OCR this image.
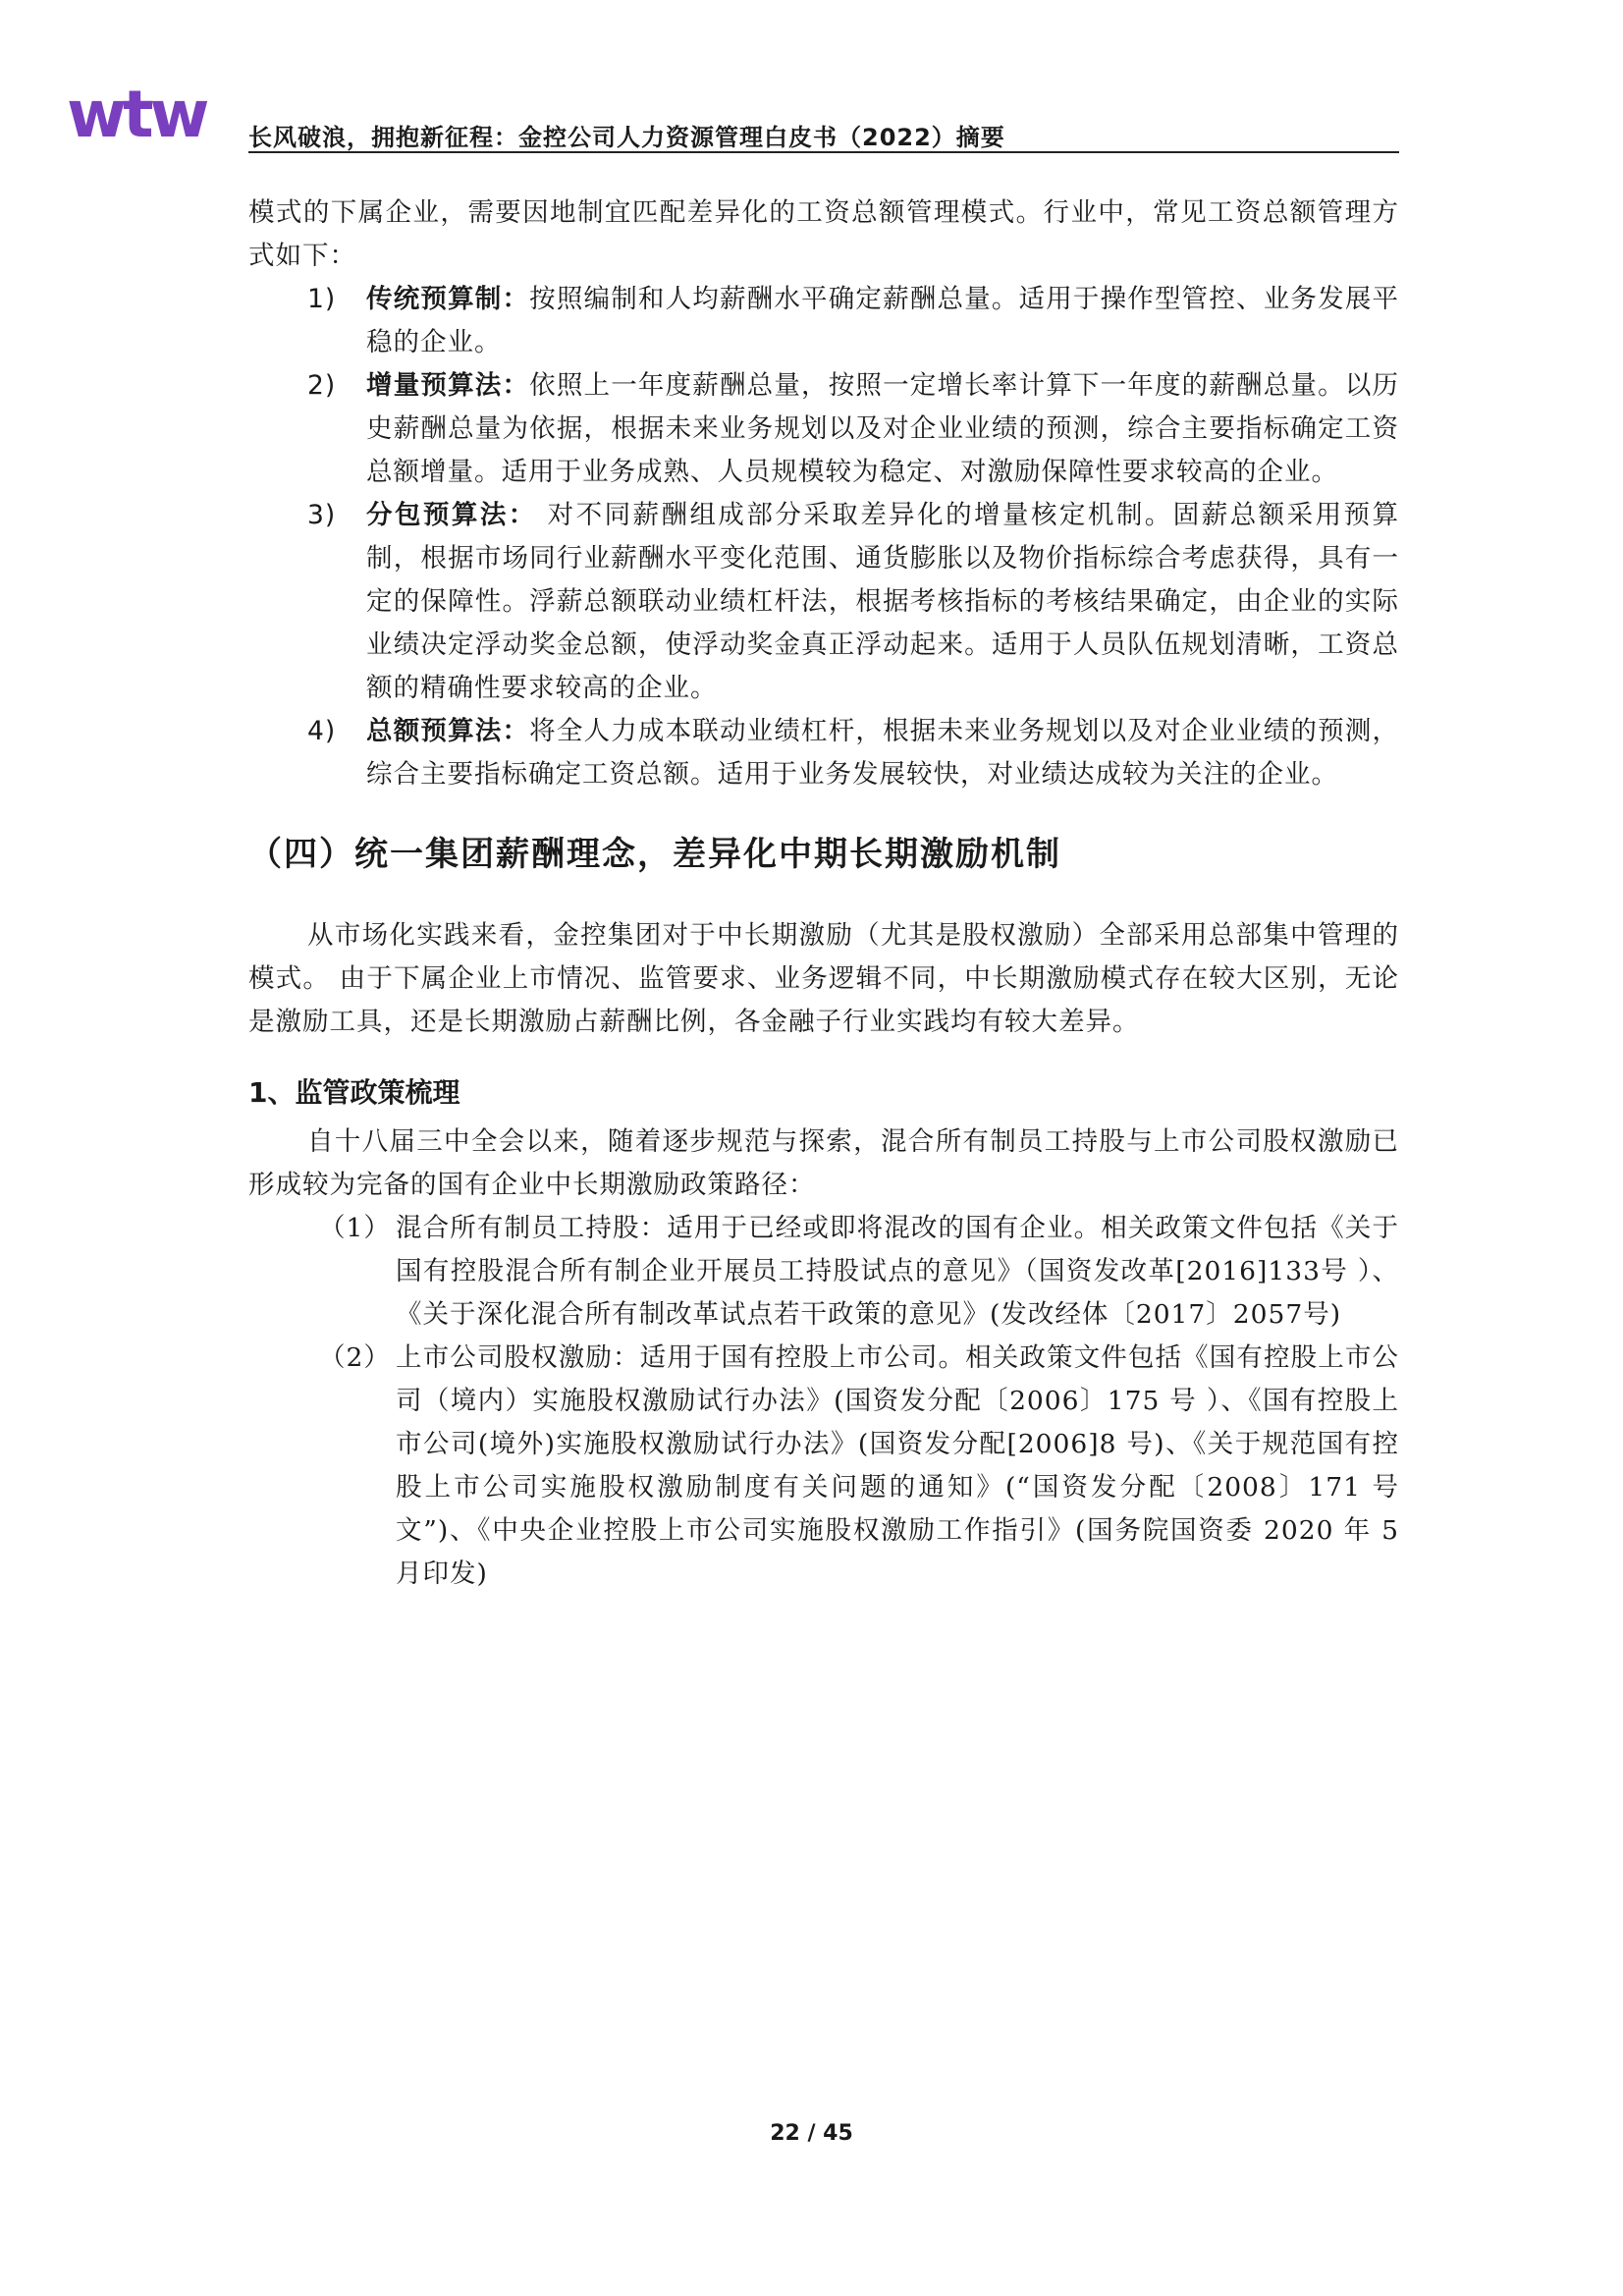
wtw	长风破浪，拥抱新征程：金控公司人力资源管理白皮书（2022）摘要

模式的下属企业，需要因地制宜匹配差异化的工资总额管理模式。行业中，常见工资总额管理方式如下：

1) 传统预算制：按照编制和人均薪酬水平确定薪酬总量。适用于操作型管控、业务发展平稳的企业。

2) 增量预算法：依照上一年度薪酬总量，按照一定增长率计算下一年度的薪酬总量。以历史薪酬总量为依据，根据未来业务规划以及对企业业绩的预测，综合主要指标确定工资总额增量。适用于业务成熟、人员规模较为稳定、对激励保障性要求较高的企业。

3) 分包预算法： 对不同薪酬组成部分采取差异化的增量核定机制。固薪总额采用预算制，根据市场同行业薪酬水平变化范围、通货膨胀以及物价指标综合考虑获得，具有一定的保障性。浮薪总额联动业绩杠杆法，根据考核指标的考核结果确定，由企业的实际业绩决定浮动奖金总额，使浮动奖金真正浮动起来。适用于人员队伍规划清晰，工资总额的精确性要求较高的企业。

4) 总额预算法：将全人力成本联动业绩杠杆，根据未来业务规划以及对企业业绩的预测，综合主要指标确定工资总额。适用于业务发展较快，对业绩达成较为关注的企业。

（四）统一集团薪酬理念，差异化中期长期激励机制

从市场化实践来看，金控集团对于中长期激励（尤其是股权激励）全部采用总部集中管理的模式。 由于下属企业上市情况、监管要求、业务逻辑不同，中长期激励模式存在较大区别，无论是激励工具，还是长期激励占薪酬比例，各金融子行业实践均有较大差异。

1、监管政策梳理

自十八届三中全会以来，随着逐步规范与探索，混合所有制员工持股与上市公司股权激励已形成较为完备的国有企业中长期激励政策路径：

（1） 混合所有制员工持股：适用于已经或即将混改的国有企业。相关政策文件包括《关于国有控股混合所有制企业开展员工持股试点的意见》（国资发改革[2016]133号 ）、《关于深化混合所有制改革试点若干政策的意见》(发改经体〔2017〕2057号)

（2） 上市公司股权激励：适用于国有控股上市公司。相关政策文件包括《国有控股上市公司（境内）实施股权激励试行办法》(国资发分配〔2006〕175 号 ）、《国有控股上市公司(境外)实施股权激励试行办法》(国资发分配[2006]8 号)、《关于规范国有控股上市公司实施股权激励制度有关问题的通知》(“国资发分配〔2008〕171 号文”)、《中央企业控股上市公司实施股权激励工作指引》(国务院国资委 2020 年 5 月印发)

22 / 45
